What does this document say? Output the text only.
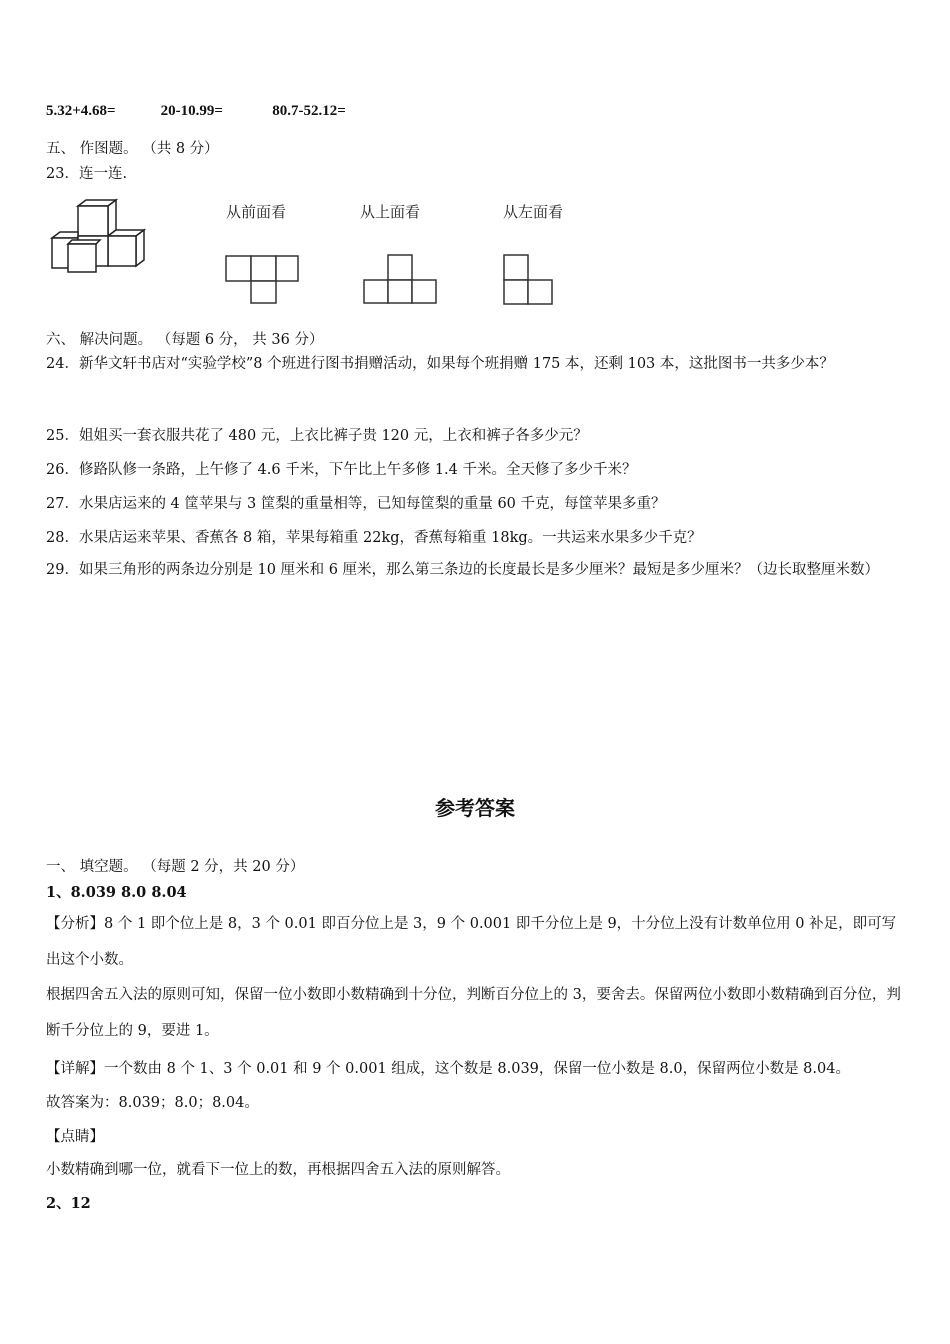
5.32+4.68=	20-10.99=	80.7-52.12=
五、 作图题。 （共 8 分）
23．连一连.
从前面看	从上面看	从左面看
六、 解决问题。 （每题 6 分， 共 36 分）
24．新华文轩书店对“实验学校”8 个班进行图书捐赠活动，如果每个班捐赠 175 本，还剩 103 本，这批图书一共多少本？
25．姐姐买一套衣服共花了 480 元，上衣比裤子贵 120 元，上衣和裤子各多少元？
26．修路队修一条路，上午修了 4.6 千米，下午比上午多修 1.4 千米。全天修了多少千米？
27．水果店运来的 4 筐苹果与 3 筐梨的重量相等，已知每筐梨的重量 60 千克，每筐苹果多重？
28．水果店运来苹果、香蕉各 8 箱，苹果每箱重 22kg，香蕉每箱重 18kg。一共运来水果多少千克？
29．如果三角形的两条边分别是 10 厘米和 6 厘米，那么第三条边的长度最长是多少厘米？最短是多少厘米？（边长取整厘米数）
参考答案
一、 填空题。 （每题 2 分，共 20 分）
1、8.039 8.0 8.04
【分析】8 个 1 即个位上是 8，3 个 0.01 即百分位上是 3，9 个 0.001 即千分位上是 9，十分位上没有计数单位用 0 补足，即可写出这个小数。
根据四舍五入法的原则可知，保留一位小数即小数精确到十分位，判断百分位上的 3，要舍去。保留两位小数即小数精确到百分位，判断千分位上的 9，要进 1。
【详解】一个数由 8 个 1、3 个 0.01 和 9 个 0.001 组成，这个数是 8.039，保留一位小数是 8.0，保留两位小数是 8.04。
故答案为：8.039；8.0；8.04。
【点睛】
小数精确到哪一位，就看下一位上的数，再根据四舍五入法的原则解答。
2、12
